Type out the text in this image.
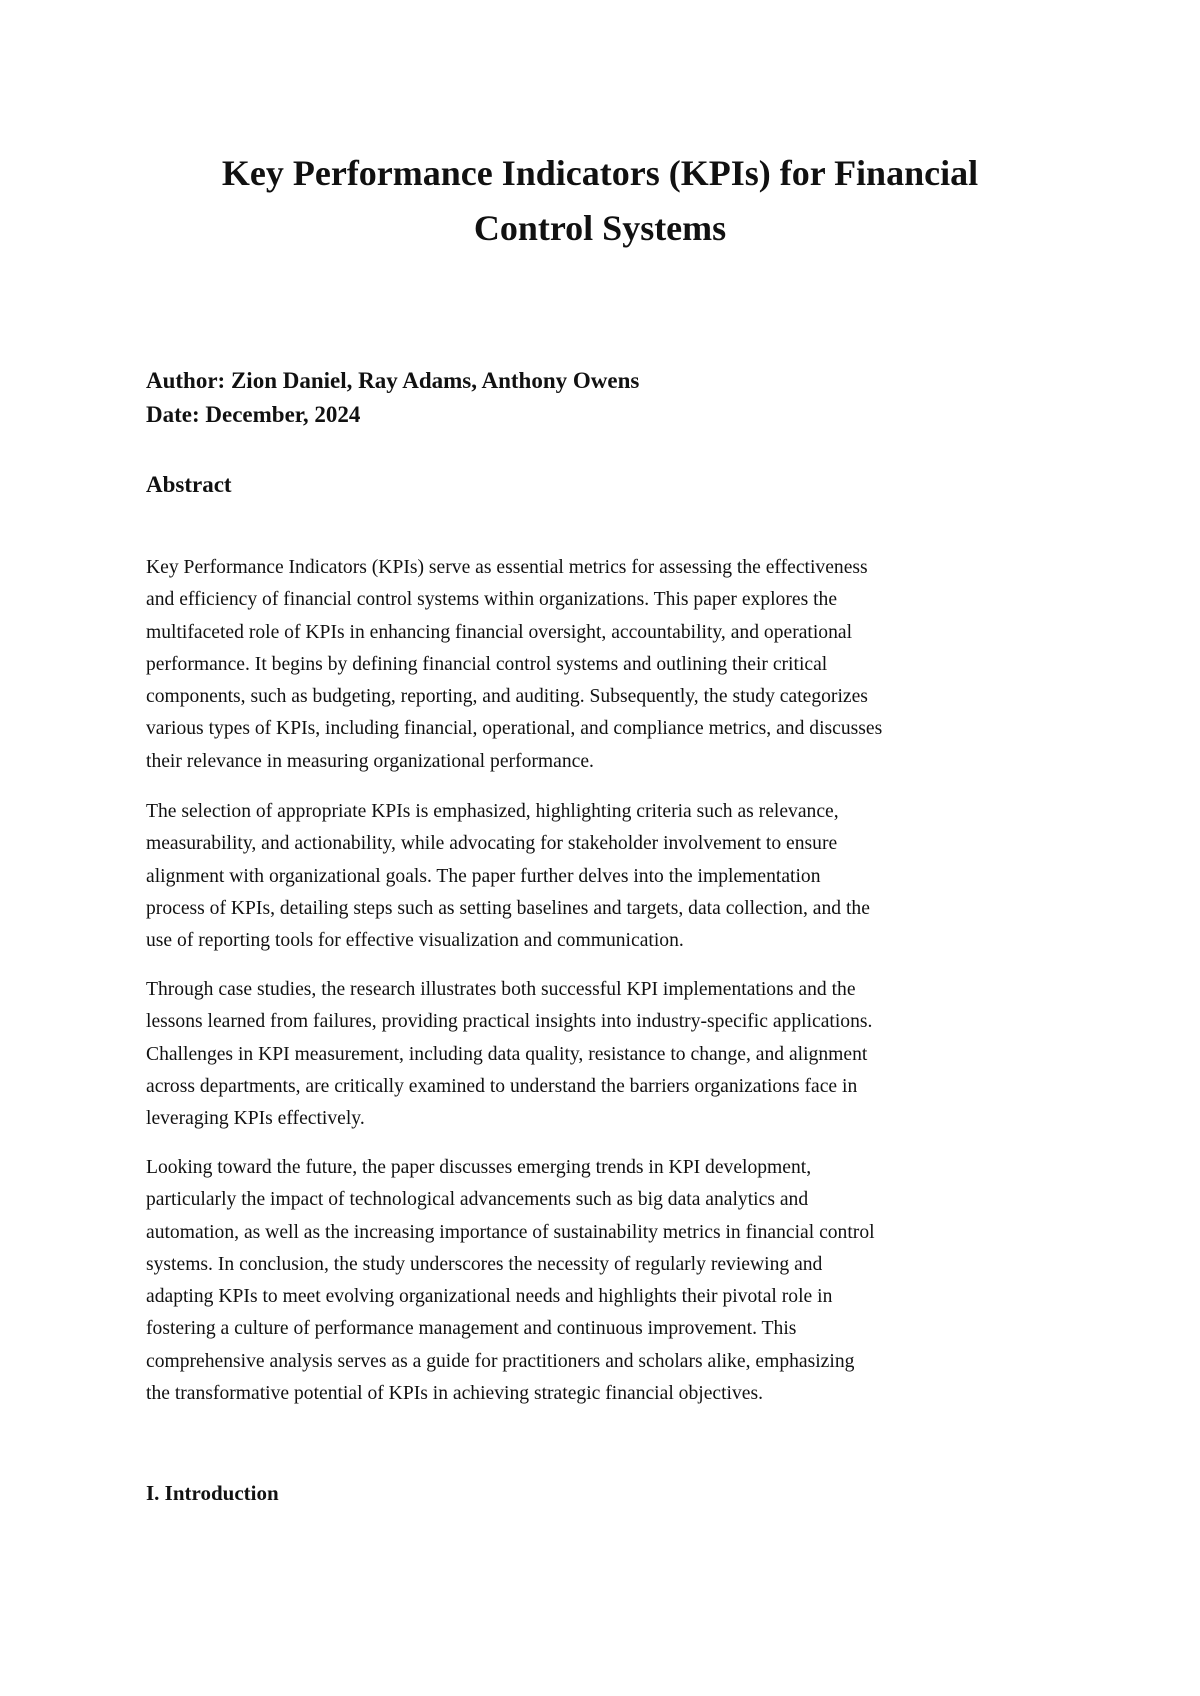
Key Performance Indicators (KPIs) for Financial
Control Systems
Author: Zion Daniel, Ray Adams, Anthony Owens
Date: December, 2024
Abstract

Key Performance Indicators (KPIs) serve as essential metrics for assessing the effectiveness
and efficiency of financial control systems within organizations. This paper explores the
multifaceted role of KPIs in enhancing financial oversight, accountability, and operational
performance. It begins by defining financial control systems and outlining their critical
components, such as budgeting, reporting, and auditing. Subsequently, the study categorizes
various types of KPIs, including financial, operational, and compliance metrics, and discusses
their relevance in measuring organizational performance.

The selection of appropriate KPIs is emphasized, highlighting criteria such as relevance,
measurability, and actionability, while advocating for stakeholder involvement to ensure
alignment with organizational goals. The paper further delves into the implementation
process of KPIs, detailing steps such as setting baselines and targets, data collection, and the
use of reporting tools for effective visualization and communication.

Through case studies, the research illustrates both successful KPI implementations and the
lessons learned from failures, providing practical insights into industry-specific applications.
Challenges in KPI measurement, including data quality, resistance to change, and alignment
across departments, are critically examined to understand the barriers organizations face in
leveraging KPIs effectively.

Looking toward the future, the paper discusses emerging trends in KPI development,
particularly the impact of technological advancements such as big data analytics and
automation, as well as the increasing importance of sustainability metrics in financial control
systems. In conclusion, the study underscores the necessity of regularly reviewing and
adapting KPIs to meet evolving organizational needs and highlights their pivotal role in
fostering a culture of performance management and continuous improvement. This
comprehensive analysis serves as a guide for practitioners and scholars alike, emphasizing
the transformative potential of KPIs in achieving strategic financial objectives.

I. Introduction
